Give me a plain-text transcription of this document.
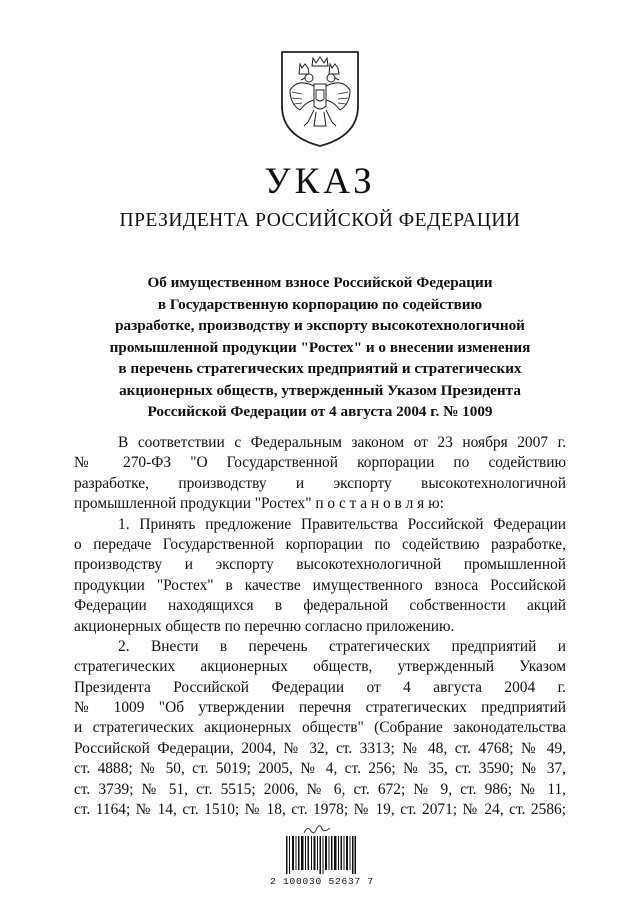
УКАЗ
ПРЕЗИДЕНТА РОССИЙСКОЙ ФЕДЕРАЦИИ
Об имущественном взносе Российской Федерации
в Государственную корпорацию по содействию
разработке, производству и экспорту высокотехнологичной
промышленной продукции "Ростех" и о внесении изменения
в перечень стратегических предприятий и стратегических
акционерных обществ, утвержденный Указом Президента
Российской Федерации от 4 августа 2004 г. № 1009
В соответствии с Федеральным законом от 23 ноября 2007 г.
№ 270-ФЗ "О Государственной корпорации по содействию
разработке, производству и экспорту высокотехнологичной
промышленной продукции "Ростех" п о с т а н о в л я ю:
1. Принять предложение Правительства Российской Федерации
о передаче Государственной корпорации по содействию разработке,
производству и экспорту высокотехнологичной промышленной
продукции "Ростех" в качестве имущественного взноса Российской
Федерации находящихся в федеральной собственности акций
акционерных обществ по перечню согласно приложению.
2. Внести в перечень стратегических предприятий и
стратегических акционерных обществ, утвержденный Указом
Президента Российской Федерации от 4 августа 2004 г.
№ 1009 "Об утверждении перечня стратегических предприятий
и стратегических акционерных обществ" (Собрание законодательства
Российской Федерации, 2004, № 32, ст. 3313; № 48, ст. 4768; № 49,
ст. 4888; № 50, ст. 5019; 2005, № 4, ст. 256; № 35, ст. 3590; № 37,
ст. 3739; № 51, ст. 5515; 2006, № 6, ст. 672; № 9, ст. 986; № 11,
ст. 1164; № 14, ст. 1510; № 18, ст. 1978; № 19, ст. 2071; № 24, ст. 2586;
2 100030 52637 7
